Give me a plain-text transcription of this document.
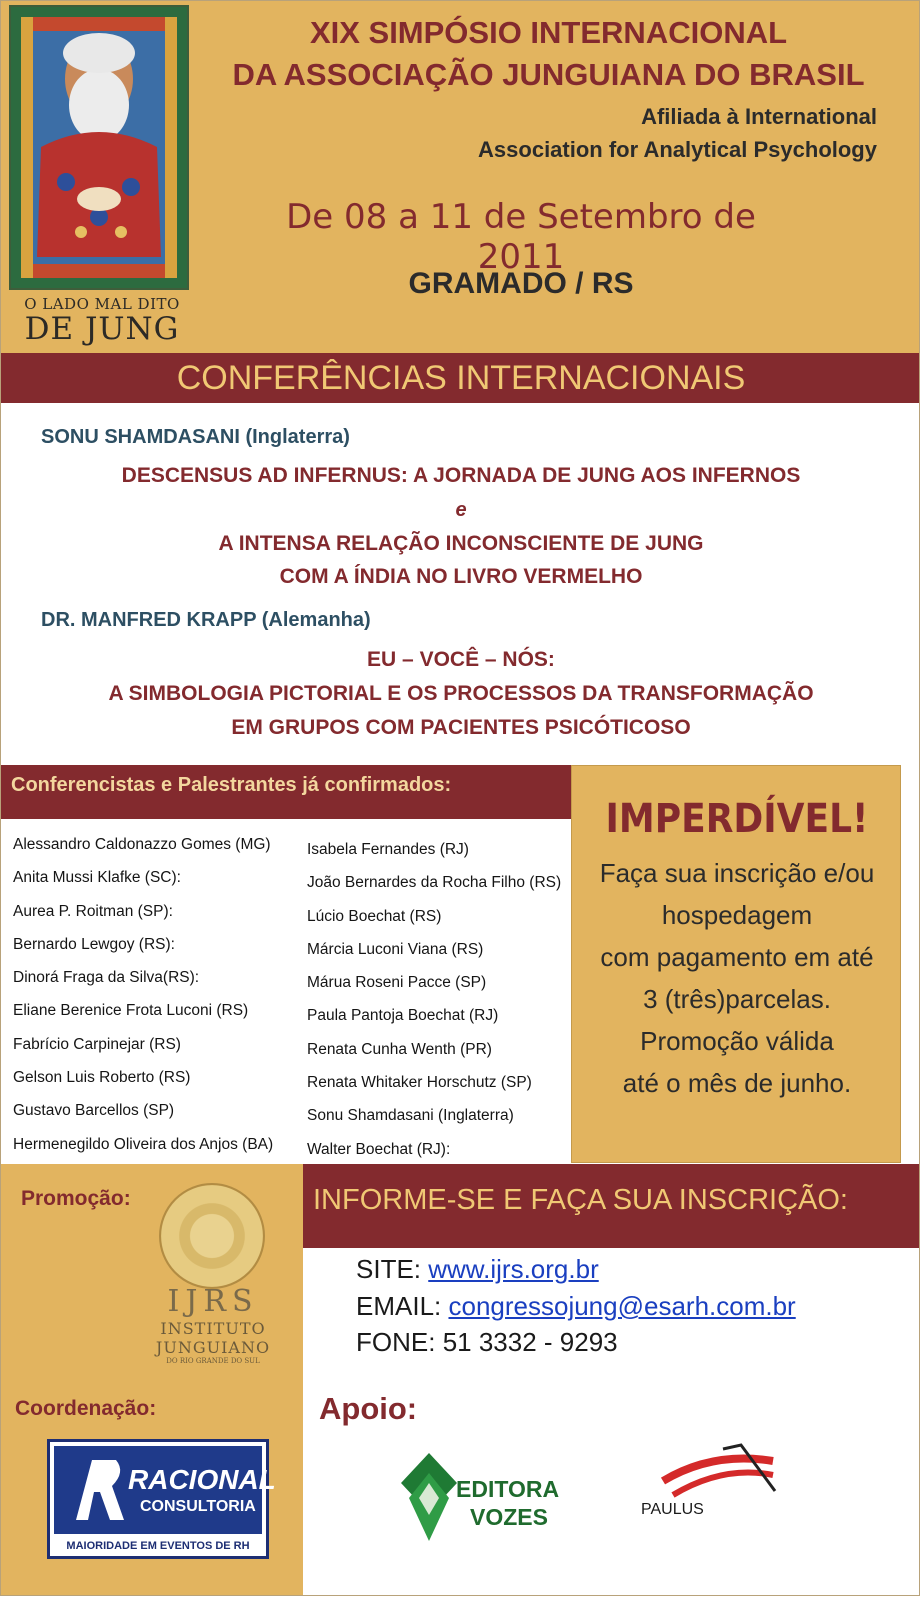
O LADO MAL DITO
DE JUNG
XIX SIMPÓSIO INTERNACIONAL
DA ASSOCIAÇÃO JUNGUIANA DO BRASIL
Afiliada à International
Association for Analytical Psychology
De 08 a 11 de Setembro de 2011
GRAMADO / RS
CONFERÊNCIAS INTERNACIONAIS
SONU SHAMDASANI (Inglaterra)
DESCENSUS AD INFERNUS: A JORNADA DE JUNG AOS INFERNOS
e
A INTENSA RELAÇÃO INCONSCIENTE DE JUNG
COM A ÍNDIA NO LIVRO VERMELHO
DR. MANFRED KRAPP (Alemanha)
EU – VOCÊ – NÓS:
A SIMBOLOGIA PICTORIAL E OS PROCESSOS DA TRANSFORMAÇÃO
EM GRUPOS COM PACIENTES PSICÓTICOSO
Conferencistas e Palestrantes já confirmados:
Alessandro Caldonazzo Gomes (MG)
Anita Mussi Klafke (SC):
Aurea P. Roitman (SP):
Bernardo Lewgoy (RS):
Dinorá Fraga da Silva(RS):
Eliane Berenice Frota Luconi (RS)
Fabrício Carpinejar (RS)
Gelson Luis Roberto (RS)
Gustavo Barcellos (SP)
Hermenegildo Oliveira dos Anjos (BA)
Isabela Fernandes (RJ)
João Bernardes da Rocha Filho (RS)
Lúcio Boechat (RS)
Márcia Luconi Viana (RS)
Márua Roseni Pacce (SP)
Paula Pantoja Boechat (RJ)
Renata Cunha Wenth (PR)
Renata Whitaker Horschutz (SP)
Sonu Shamdasani (Inglaterra)
Walter Boechat (RJ):
IMPERDÍVEL!
Faça sua inscrição e/ou
hospedagem
com pagamento em até
3 (três)parcelas.
Promoção válida
até o mês de junho.
Promoção:
IJRS
INSTITUTO
JUNGUIANO
DO RIO GRANDE DO SUL
Coordenação:
RACIONAL
CONSULTORIA
MAIORIDADE EM EVENTOS DE RH
INFORME-SE E FAÇA SUA INSCRIÇÃO:
SITE: www.ijrs.org.br
EMAIL: congressojung@esarh.com.br
FONE: 51 3332 - 9293
Apoio:
EDITORA
VOZES	PAULUS
